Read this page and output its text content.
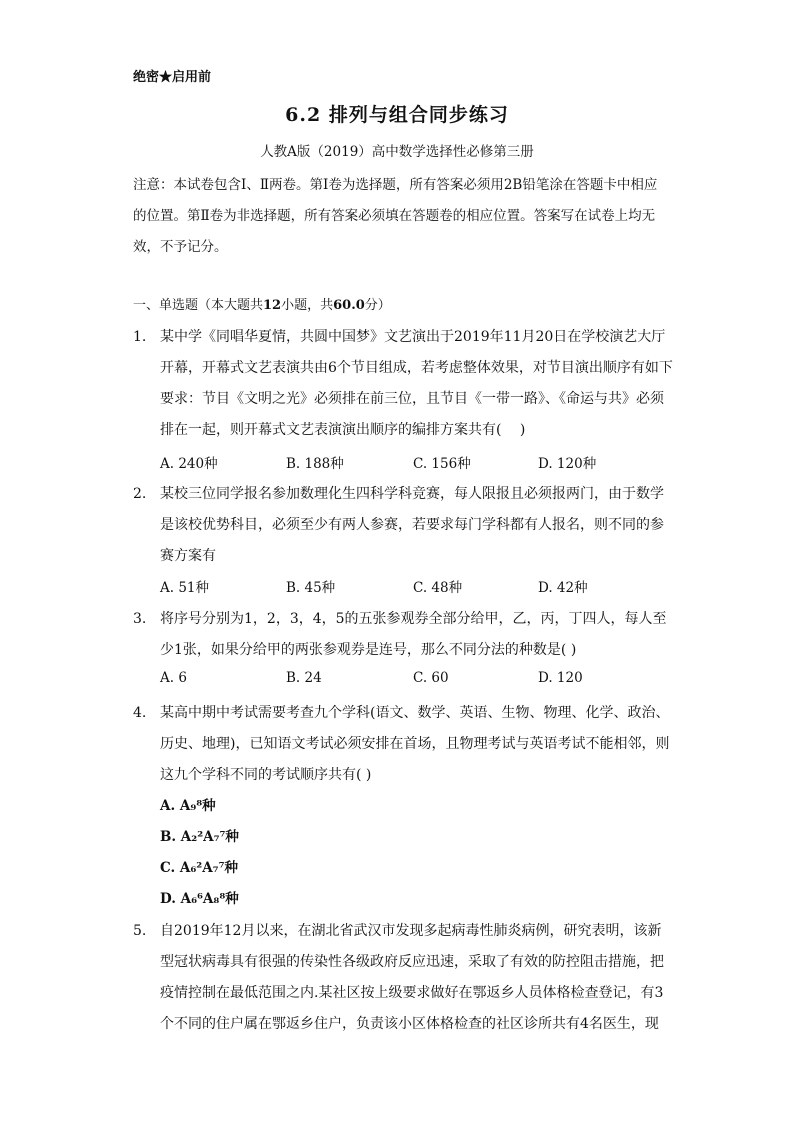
绝密★启用前
6.2 排列与组合同步练习
人教A版（2019）高中数学选择性必修第三册
注意：本试卷包含Ⅰ、Ⅱ两卷。第Ⅰ卷为选择题，所有答案必须用2B铅笔涂在答题卡中相应的位置。第Ⅱ卷为非选择题，所有答案必须填在答题卷的相应位置。答案写在试卷上均无效，不予记分。
一、单选题（本大题共12小题，共60.0分）
1. 某中学《同唱华夏情，共圆中国梦》文艺演出于2019年11月20日在学校演艺大厅开幕，开幕式文艺表演共由6个节目组成，若考虑整体效果，对节目演出顺序有如下要求：节目《文明之光》必须排在前三位，且节目《一带一路》、《命运与共》必须排在一起，则开幕式文艺表演演出顺序的编排方案共有(　 )
A. 240种	B. 188种	C. 156种	D. 120种
2. 某校三位同学报名参加数理化生四科学科竞赛，每人限报且必须报两门，由于数学是该校优势科目，必须至少有两人参赛，若要求每门学科都有人报名，则不同的参赛方案有
A. 51种	B. 45种	C. 48种	D. 42种
3. 将序号分别为1，2，3，4，5的五张参观券全部分给甲，乙，丙，丁四人，每人至少1张，如果分给甲的两张参观券是连号，那么不同分法的种数是( )
A. 6	B. 24	C. 60	D. 120
4. 某高中期中考试需要考查九个学科(语文、数学、英语、生物、物理、化学、政治、历史、地理)，已知语文考试必须安排在首场，且物理考试与英语考试不能相邻，则这九个学科不同的考试顺序共有( )
A. A₉⁸种
B. A₂²A₇⁷种
C. A₆²A₇⁷种
D. A₆⁶A₈⁸种
5. 自2019年12月以来，在湖北省武汉市发现多起病毒性肺炎病例，研究表明，该新型冠状病毒具有很强的传染性各级政府反应迅速，采取了有效的防控阻击措施，把疫情控制在最低范围之内.某社区按上级要求做好在鄂返乡人员体格检查登记，有3个不同的住户属在鄂返乡住户，负责该小区体格检查的社区诊所共有4名医生，现
